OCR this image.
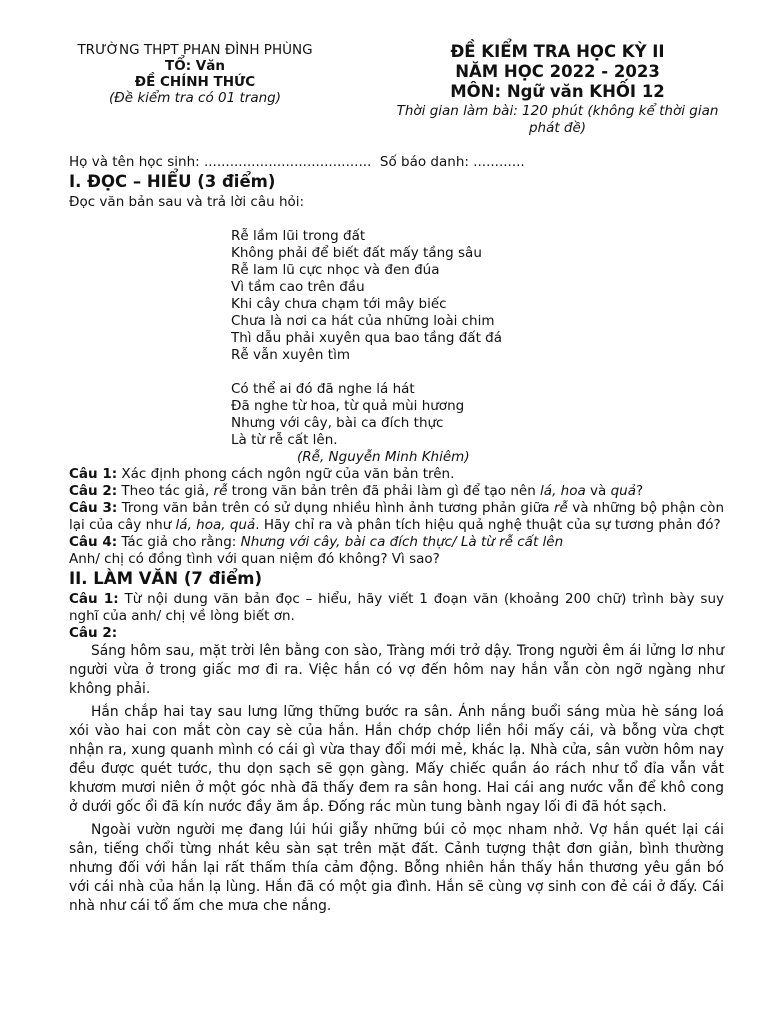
TRƯỜNG THPT PHAN ĐÌNH PHÙNG
TỔ: Văn
ĐỀ CHÍNH THỨC
(Đề kiểm tra có 01 trang)
ĐỀ KIỂM TRA HỌC KỲ II
NĂM HỌC 2022 - 2023
MÔN: Ngữ văn KHỐI 12
Thời gian làm bài: 120 phút (không kể thời gian
phát đề)
Họ và tên học sinh: .......................................  Số báo danh: ............
I. ĐỌC – HIỂU (3 điểm)
Đọc văn bản sau và trả lời câu hỏi:
Rễ lầm lũi trong đất
Không phải để biết đất mấy tầng sâu
Rễ lam lũ cực nhọc và đen đúa
Vì tầm cao trên đầu
Khi cây chưa chạm tới mây biếc
Chưa là nơi ca hát của những loài chim
Thì dẫu phải xuyên qua bao tầng đất đá
Rễ vẫn xuyên tìm
Có thể ai đó đã nghe lá hát
Đã nghe từ hoa, từ quả mùi hương
Nhưng với cây, bài ca đích thực
Là từ rễ cất lên.
(Rễ, Nguyễn Minh Khiêm)
Câu 1: Xác định phong cách ngôn ngữ của văn bản trên.
Câu 2: Theo tác giả, rễ trong văn bản trên đã phải làm gì để tạo nên lá, hoa và quả?
Câu 3: Trong văn bản trên có sử dụng nhiều hình ảnh tương phản giữa rễ và những bộ phận còn lại của cây như lá, hoa, quả. Hãy chỉ ra và phân tích hiệu quả nghệ thuật của sự tương phản đó?
Câu 4: Tác giả cho rằng: Nhưng với cây, bài ca đích thực/ Là từ rễ cất lên
Anh/ chị có đồng tình với quan niệm đó không? Vì sao?
II. LÀM VĂN (7 điểm)
Câu 1: Từ nội dung văn bản đọc – hiểu, hãy viết 1 đoạn văn (khoảng 200 chữ) trình bày suy nghĩ của anh/ chị về lòng biết ơn.
Câu 2:

Sáng hôm sau, mặt trời lên bằng con sào, Tràng mới trở dậy. Trong người êm ái lửng lơ như người vừa ở trong giấc mơ đi ra. Việc hắn có vợ đến hôm nay hắn vẫn còn ngỡ ngàng như không phải.

Hắn chắp hai tay sau lưng lững thững bước ra sân. Ánh nắng buổi sáng mùa hè sáng loá xói vào hai con mắt còn cay sè của hắn. Hắn chớp chớp liền hồi mấy cái, và bỗng vừa chợt nhận ra, xung quanh mình có cái gì vừa thay đổi mới mẻ, khác lạ. Nhà cửa, sân vườn hôm nay đều được quét tước, thu dọn sạch sẽ gọn gàng. Mấy chiếc quần áo rách như tổ đỉa vẫn vắt khươm mươi niên ở một góc nhà đã thấy đem ra sân hong. Hai cái ang nước vẫn để khô cong ở dưới gốc ổi đã kín nước đầy ăm ắp. Đống rác mùn tung bành ngay lối đi đã hót sạch.

Ngoài vườn người mẹ đang lúi húi giẫy những búi cỏ mọc nham nhở. Vợ hắn quét lại cái sân, tiếng chổi từng nhát kêu sàn sạt trên mặt đất. Cảnh tượng thật đơn giản, bình thường nhưng đối với hắn lại rất thấm thía cảm động. Bỗng nhiên hắn thấy hắn thương yêu gắn bó với cái nhà của hắn lạ lùng. Hắn đã có một gia đình. Hắn sẽ cùng vợ sinh con đẻ cái ở đấy. Cái nhà như cái tổ ấm che mưa che nắng.
